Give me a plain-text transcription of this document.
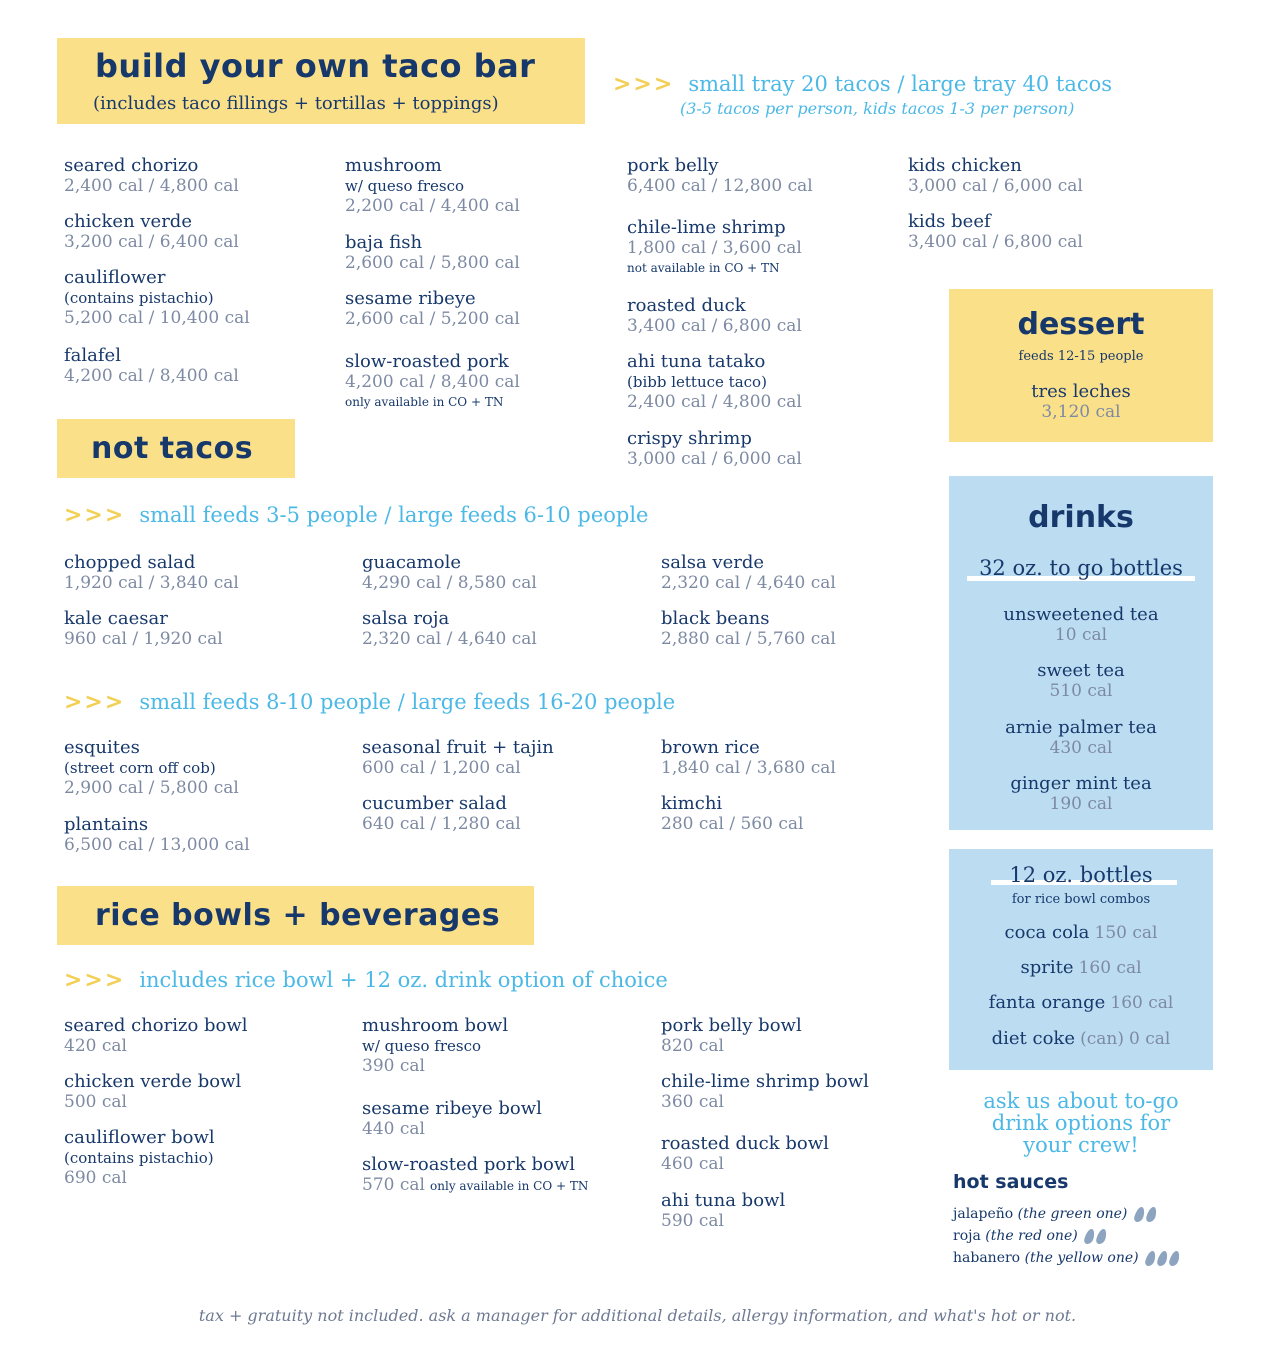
build your own taco bar
(includes taco fillings + tortillas + toppings)
>>> small tray 20 tacos / large tray 40 tacos
(3-5 tacos per person, kids tacos 1-3 per person)
seared chorizo
2,400 cal / 4,800 cal
chicken verde
3,200 cal / 6,400 cal
cauliflower
(contains pistachio)
5,200 cal / 10,400 cal
falafel
4,200 cal / 8,400 cal
mushroom
w/ queso fresco
2,200 cal / 4,400 cal
baja fish
2,600 cal / 5,800 cal
sesame ribeye
2,600 cal / 5,200 cal
slow-roasted pork
4,200 cal / 8,400 cal
only available in CO + TN
pork belly
6,400 cal / 12,800 cal
chile-lime shrimp
1,800 cal / 3,600 cal
not available in CO + TN
roasted duck
3,400 cal / 6,800 cal
ahi tuna tatako
(bibb lettuce taco)
2,400 cal / 4,800 cal
crispy shrimp
3,000 cal / 6,000 cal
kids chicken
3,000 cal / 6,000 cal
kids beef
3,400 cal / 6,800 cal
not tacos
>>> small feeds 3-5 people / large feeds 6-10 people
chopped salad
1,920 cal / 3,840 cal
kale caesar
960 cal / 1,920 cal
guacamole
4,290 cal / 8,580 cal
salsa roja
2,320 cal / 4,640 cal
salsa verde
2,320 cal / 4,640 cal
black beans
2,880 cal / 5,760 cal
>>> small feeds 8-10 people / large feeds 16-20 people
esquites
(street corn off cob)
2,900 cal / 5,800 cal
plantains
6,500 cal / 13,000 cal
seasonal fruit + tajin
600 cal / 1,200 cal
cucumber salad
640 cal / 1,280 cal
brown rice
1,840 cal / 3,680 cal
kimchi
280 cal / 560 cal
rice bowls + beverages
>>> includes rice bowl + 12 oz. drink option of choice
seared chorizo bowl
420 cal
chicken verde bowl
500 cal
cauliflower bowl
(contains pistachio)
690 cal
mushroom bowl
w/ queso fresco
390 cal
sesame ribeye bowl
440 cal
slow-roasted pork bowl
570 cal only available in CO + TN
pork belly bowl
820 cal
chile-lime shrimp bowl
360 cal
roasted duck bowl
460 cal
ahi tuna bowl
590 cal
dessert
feeds 12-15 people
tres leches
3,120 cal
drinks
32 oz. to go bottles
unsweetened tea
10 cal
sweet tea
510 cal
arnie palmer tea
430 cal
ginger mint tea
190 cal
12 oz. bottles
for rice bowl combos
coca cola 150 cal
sprite 160 cal
fanta orange 160 cal
diet coke (can) 0 cal
ask us about to-go
drink options for
your crew!
hot sauces
jalapeño (the green one)
roja (the red one)
habanero (the yellow one)
tax + gratuity not included. ask a manager for additional details, allergy information, and what's hot or not.
